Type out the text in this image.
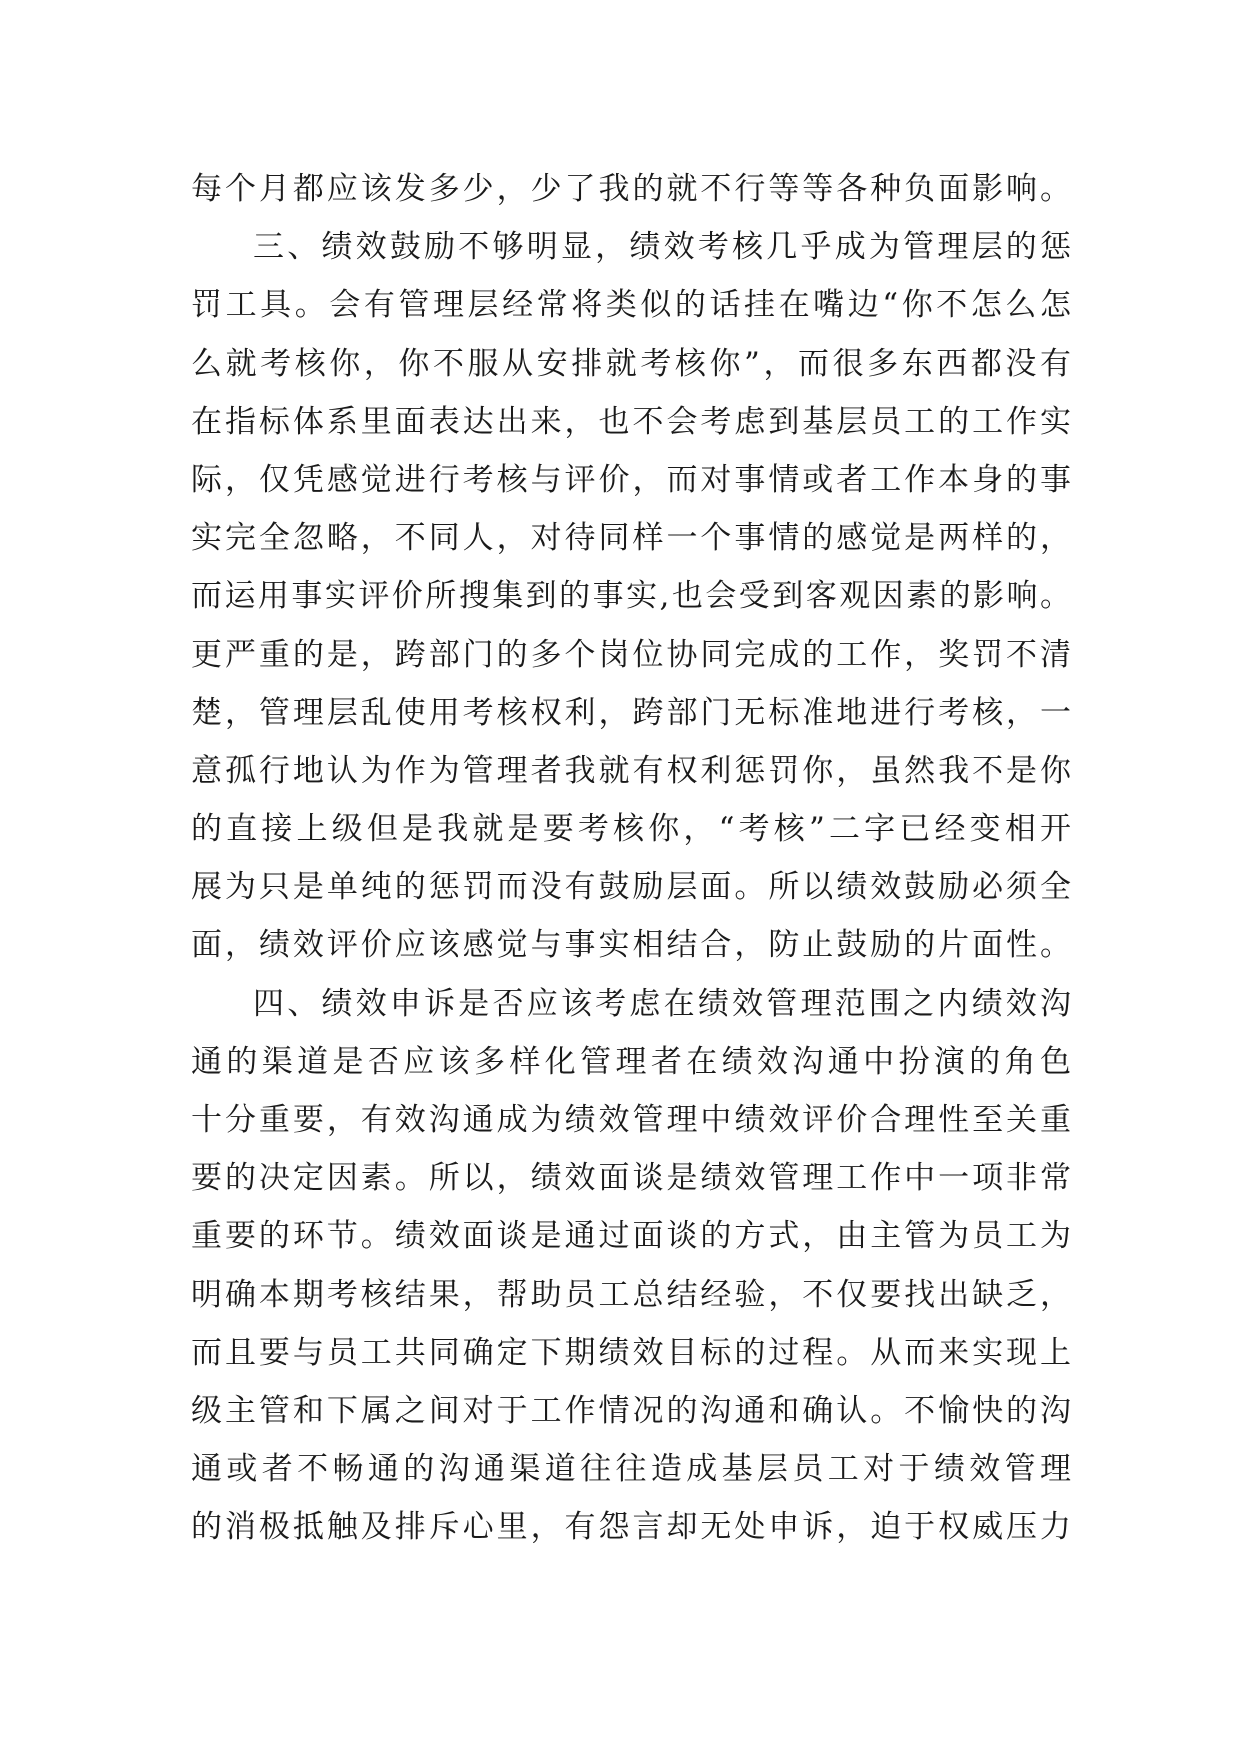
每个月都应该发多少，少了我的就不行等等各种负面影响。
三、绩效鼓励不够明显，绩效考核几乎成为管理层的惩
罚工具。会有管理层经常将类似的话挂在嘴边“你不怎么怎
么就考核你，你不服从安排就考核你”，而很多东西都没有
在指标体系里面表达出来，也不会考虑到基层员工的工作实
际，仅凭感觉进行考核与评价，而对事情或者工作本身的事
实完全忽略，不同人，对待同样一个事情的感觉是两样的，
而运用事实评价所搜集到的事实,也会受到客观因素的影响。
更严重的是，跨部门的多个岗位协同完成的工作，奖罚不清
楚，管理层乱使用考核权利，跨部门无标准地进行考核，一
意孤行地认为作为管理者我就有权利惩罚你，虽然我不是你
的直接上级但是我就是要考核你，“考核”二字已经变相开
展为只是单纯的惩罚而没有鼓励层面。所以绩效鼓励必须全
面，绩效评价应该感觉与事实相结合，防止鼓励的片面性。
四、绩效申诉是否应该考虑在绩效管理范围之内绩效沟
通的渠道是否应该多样化管理者在绩效沟通中扮演的角色
十分重要，有效沟通成为绩效管理中绩效评价合理性至关重
要的决定因素。所以，绩效面谈是绩效管理工作中一项非常
重要的环节。绩效面谈是通过面谈的方式，由主管为员工为
明确本期考核结果，帮助员工总结经验，不仅要找出缺乏，
而且要与员工共同确定下期绩效目标的过程。从而来实现上
级主管和下属之间对于工作情况的沟通和确认。不愉快的沟
通或者不畅通的沟通渠道往往造成基层员工对于绩效管理
的消极抵触及排斥心里，有怨言却无处申诉，迫于权威压力
